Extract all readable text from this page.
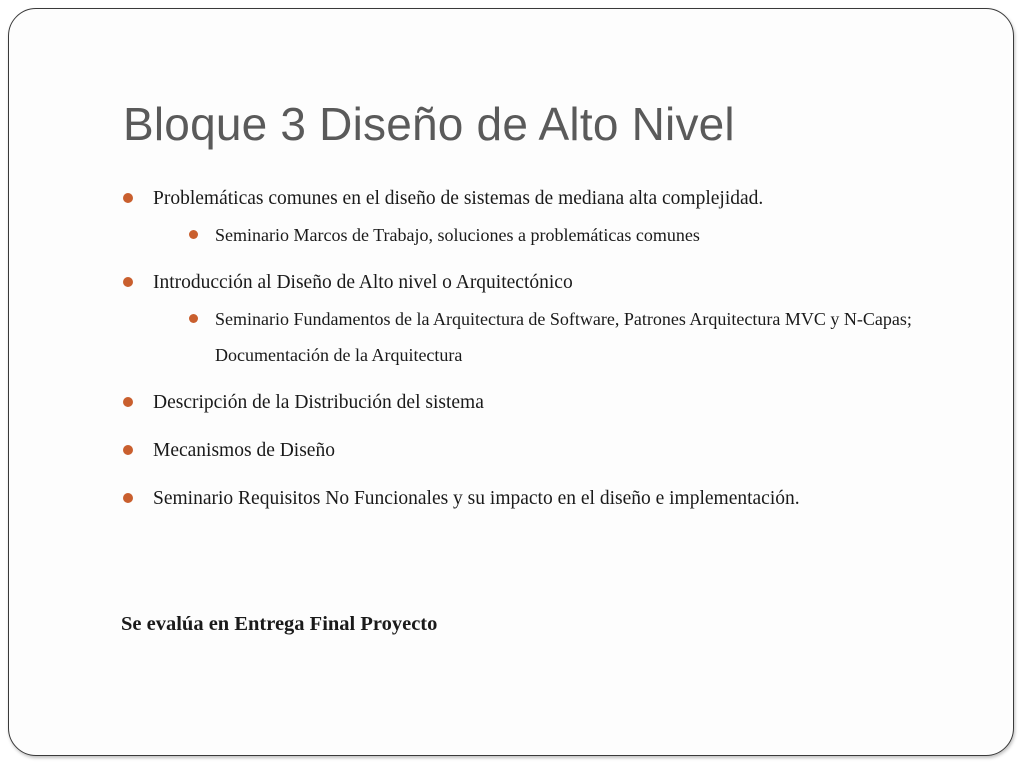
Bloque 3 Diseño de Alto Nivel
Problemáticas comunes en el diseño de sistemas de mediana alta complejidad.
Seminario Marcos de Trabajo, soluciones a problemáticas comunes
Introducción al Diseño de Alto nivel o Arquitectónico
Seminario Fundamentos de la Arquitectura de Software, Patrones Arquitectura MVC y N-Capas; Documentación de la Arquitectura
Descripción de la Distribución del sistema
Mecanismos de Diseño
Seminario Requisitos No Funcionales y su impacto en el diseño e implementación.
Se evalúa en Entrega Final Proyecto
